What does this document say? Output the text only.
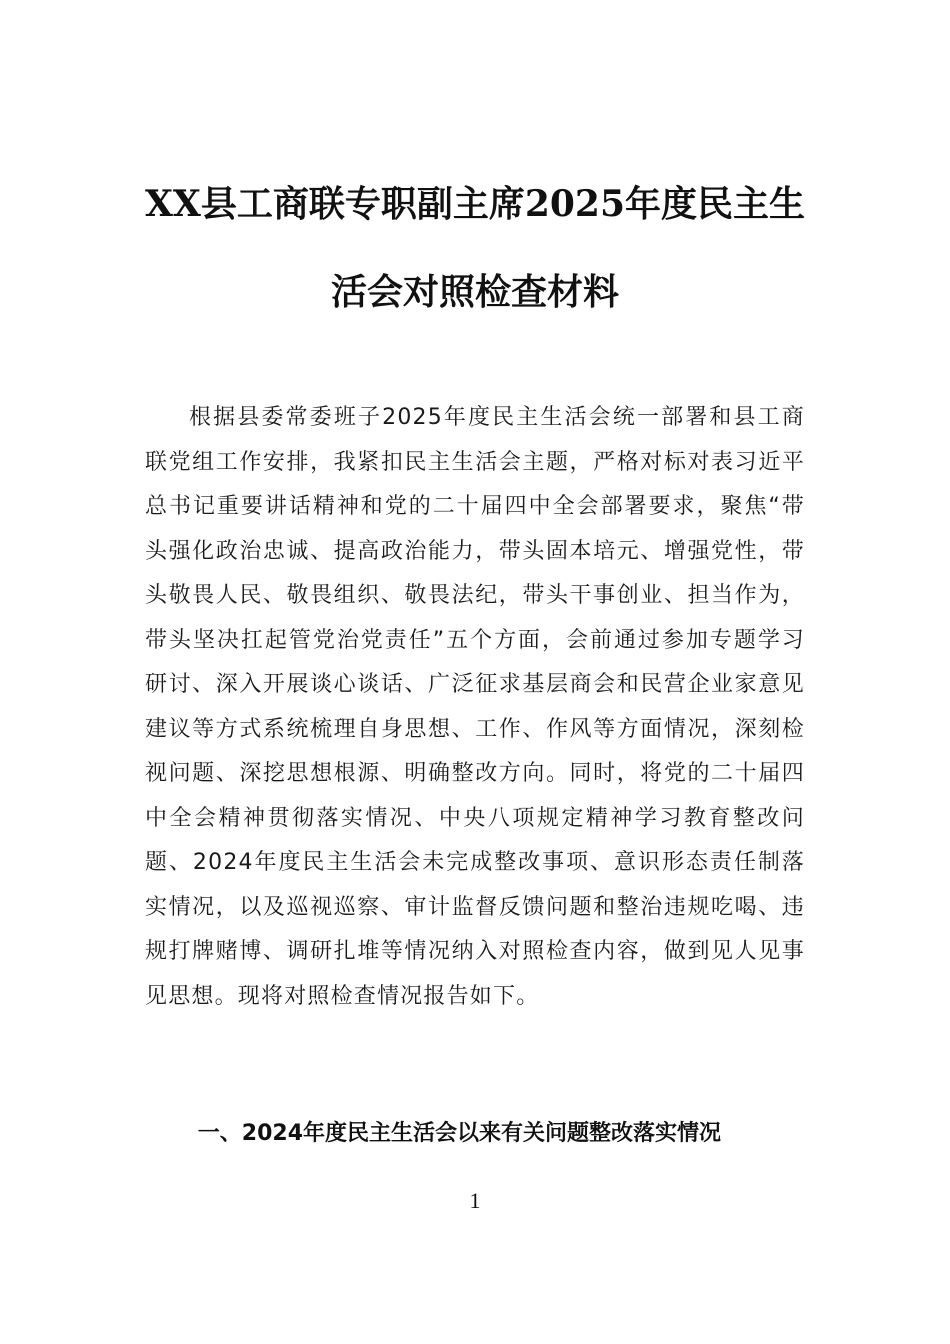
XX县工商联专职副主席2025年度民主生
活会对照检查材料

根据县委常委班子2025年度民主生活会统一部署和县工商联党组工作安排，我紧扣民主生活会主题，严格对标对表习近平总书记重要讲话精神和党的二十届四中全会部署要求，聚焦“带头强化政治忠诚、提高政治能力，带头固本培元、增强党性，带头敬畏人民、敬畏组织、敬畏法纪，带头干事创业、担当作为，带头坚决扛起管党治党责任”五个方面，会前通过参加专题学习研讨、深入开展谈心谈话、广泛征求基层商会和民营企业家意见建议等方式系统梳理自身思想、工作、作风等方面情况，深刻检视问题、深挖思想根源、明确整改方向。同时，将党的二十届四中全会精神贯彻落实情况、中央八项规定精神学习教育整改问题、2024年度民主生活会未完成整改事项、意识形态责任制落实情况，以及巡视巡察、审计监督反馈问题和整治违规吃喝、违规打牌赌博、调研扎堆等情况纳入对照检查内容，做到见人见事见思想。现将对照检查情况报告如下。

一、2024年度民主生活会以来有关问题整改落实情况

1
